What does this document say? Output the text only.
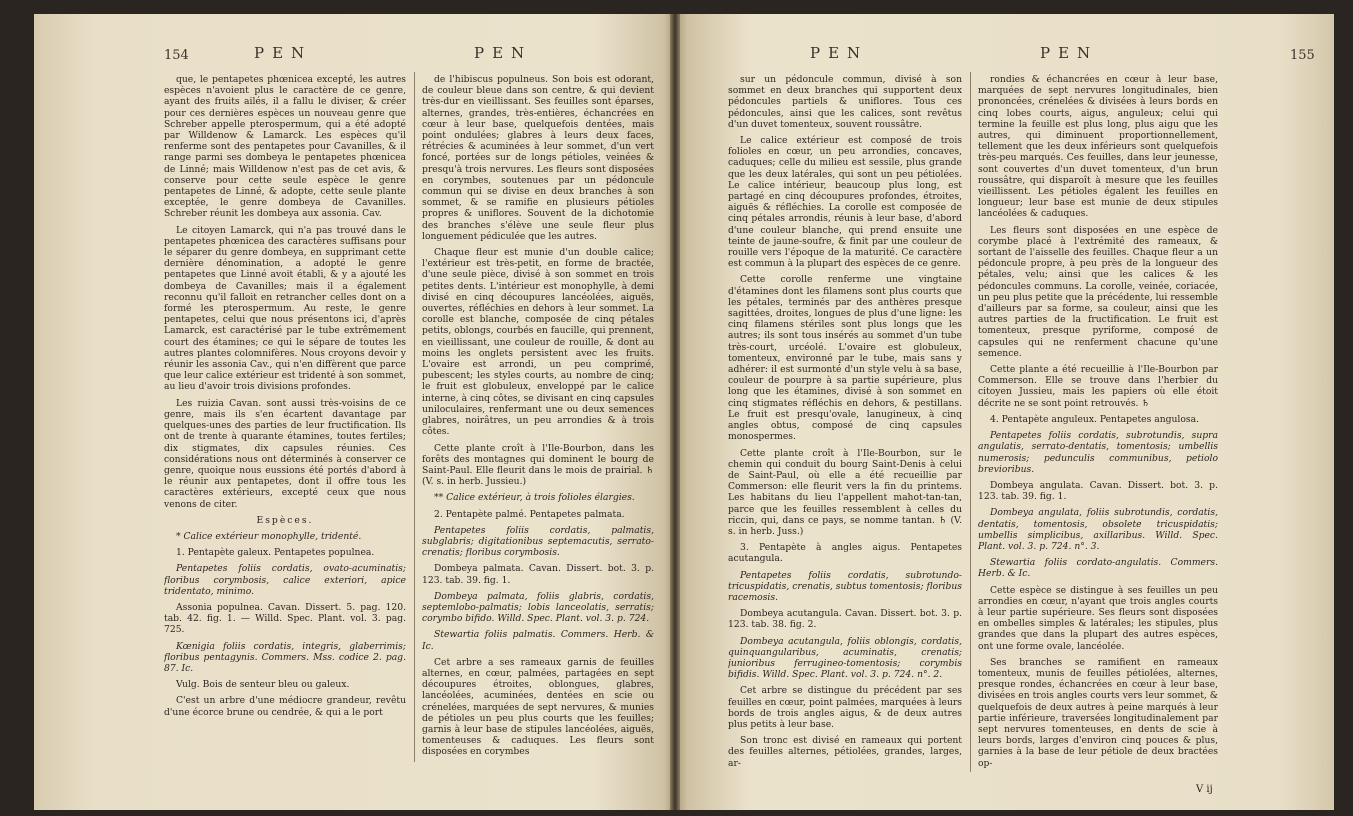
154	PEN	PEN

que, le pentapetes phœnicea excepté, les autres espèces n'avoient plus le caractère de ce genre, ayant des fruits ailés, il a fallu le diviser, & créer pour ces dernières espèces un nouveau genre que Schreber appelle pterospermum, qui a été adopté par Willdenow & Lamarck. Les espèces qu'il renferme sont des pentapetes pour Cavanilles, & il range parmi ses dombeya le pentapetes phœnicea de Linné; mais Willdenow n'est pas de cet avis, & conserve pour cette seule espèce le genre pentapetes de Linné, & adopte, cette seule plante exceptée, le genre dombeya de Cavanilles. Schreber réunit les dombeya aux assonia. Cav.

Le citoyen Lamarck, qui n'a pas trouvé dans le pentapetes phœnicea des caractères suffisans pour le séparer du genre dombeya, en supprimant cette dernière dénomination, a adopté le genre pentapetes que Linné avoit établi, & y a ajouté les dombeya de Cavanilles; mais il a également reconnu qu'il falloit en retrancher celles dont on a formé les pterospermum. Au reste, le genre pentapetes, celui que nous présentons ici, d'après Lamarck, est caractérisé par le tube extrêmement court des étamines; ce qui le sépare de toutes les autres plantes colomnifères. Nous croyons devoir y réunir les assonia Cav., qui n'en diffèrent que parce que leur calice extérieur est tridenté à son sommet, au lieu d'avoir trois divisions profondes.

Les ruizia Cavan. sont aussi très-voisins de ce genre, mais ils s'en écartent davantage par quelques-unes des parties de leur fructification. Ils ont de trente à quarante étamines, toutes fertiles; dix stigmates, dix capsules réunies. Ces considérations nous ont déterminés à conserver ce genre, quoique nous eussions été portés d'abord à le réunir aux pentapetes, dont il offre tous les caractères extérieurs, excepté ceux que nous venons de citer.

Espèces.

* Calice extérieur monophylle, tridenté.

1. Pentapète galeux. Pentapetes populnea.

Pentapetes foliis cordatis, ovato-acuminatis; floribus corymbosis, calice exteriori, apice tridentato, minimo.

Assonia populnea. Cavan. Dissert. 5. pag. 120. tab. 42. fig. 1. — Willd. Spec. Plant. vol. 3. pag. 725.

Kœnigia foliis cordatis, integris, glaberrimis; floribus pentagynis. Commers. Mss. codice 2. pag. 87. Ic.

Vulg. Bois de senteur bleu ou galeux.

C'est un arbre d'une médiocre grandeur, revêtu d'une écorce brune ou cendrée, & qui a le port

de l'hibiscus populneus. Son bois est odorant, de couleur bleue dans son centre, & qui devient très-dur en vieillissant. Ses feuilles sont éparses, alternes, grandes, très-entières, échancrées en cœur à leur base, quelquefois dentées, mais point ondulées; glabres à leurs deux faces, rétrécies & acuminées à leur sommet, d'un vert foncé, portées sur de longs pétioles, veinées & presqu'à trois nervures. Les fleurs sont disposées en corymbes, soutenues par un pédoncule commun qui se divise en deux branches à son sommet, & se ramifie en plusieurs pétioles propres & uniflores. Souvent de la dichotomie des branches s'élève une seule fleur plus longuement pédiculée que les autres.

Chaque fleur est munie d'un double calice; l'extérieur est très-petit, en forme de bractée, d'une seule pièce, divisé à son sommet en trois petites dents. L'intérieur est monophylle, à demi divisé en cinq découpures lancéolées, aiguës, ouvertes, réfléchies en dehors à leur sommet. La corolle est blanche, composée de cinq pétales petits, oblongs, courbés en faucille, qui prennent, en vieillissant, une couleur de rouille, & dont au moins les onglets persistent avec les fruits. L'ovaire est arrondi, un peu comprimé, pubescent; les styles courts, au nombre de cinq; le fruit est globuleux, enveloppé par le calice interne, à cinq côtes, se divisant en cinq capsules uniloculaires, renfermant une ou deux semences glabres, noirâtres, un peu arrondies & à trois côtes.

Cette plante croît à l'Ile-Bourbon, dans les forêts des montagnes qui dominent le bourg de Saint-Paul. Elle fleurit dans le mois de prairial. ♄ (V. s. in herb. Jussieu.)

** Calice extérieur, à trois folioles élargies.

2. Pentapète palmé. Pentapetes palmata.

Pentapetes foliis cordatis, palmatis, subglabris; digitationibus septemacutis, serrato-crenatis; floribus corymbosis.

Dombeya palmata. Cavan. Dissert. bot. 3. p. 123. tab. 39. fig. 1.

Dombeya palmata, foliis glabris, cordatis, septemlobo-palmatis; lobis lanceolatis, serratis; corymbo bifido. Willd. Spec. Plant. vol. 3. p. 724.

Stewartia foliis palmatis. Commers. Herb. & Ic.

Cet arbre a ses rameaux garnis de feuilles alternes, en cœur, palmées, partagées en sept découpures étroites, oblongues, glabres, lancéolées, acuminées, dentées en scie ou crénelées, marquées de sept nervures, & munies de pétioles un peu plus courts que les feuilles; garnis à leur base de stipules lancéolées, aiguës, tomenteuses & caduques. Les fleurs sont disposées en corymbes

PEN	PEN	155

sur un pédoncule commun, divisé à son sommet en deux branches qui supportent deux pédoncules partiels & uniflores. Tous ces pédoncules, ainsi que les calices, sont revêtus d'un duvet tomenteux, souvent roussâtre.

Le calice extérieur est composé de trois folioles en cœur, un peu arrondies, concaves, caduques; celle du milieu est sessile, plus grande que les deux latérales, qui sont un peu pétiolées. Le calice intérieur, beaucoup plus long, est partagé en cinq découpures profondes, étroites, aiguës & réfléchies. La corolle est composée de cinq pétales arrondis, réunis à leur base, d'abord d'une couleur blanche, qui prend ensuite une teinte de jaune-soufre, & finit par une couleur de rouille vers l'époque de la maturité. Ce caractère est commun à la plupart des espèces de ce genre.

Cette corolle renferme une vingtaine d'étamines dont les filamens sont plus courts que les pétales, terminés par des anthères presque sagittées, droites, longues de plus d'une ligne: les cinq filamens stériles sont plus longs que les autres; ils sont tous insérés au sommet d'un tube très-court, urcéolé. L'ovaire est globuleux, tomenteux, environné par le tube, mais sans y adhérer: il est surmonté d'un style velu à sa base, couleur de pourpre à sa partie supérieure, plus long que les étamines, divisé à son sommet en cinq stigmates réfléchis en dehors, & pestillans. Le fruit est presqu'ovale, lanugineux, à cinq angles obtus, composé de cinq capsules monospermes.

Cette plante croît à l'Ile-Bourbon, sur le chemin qui conduit du bourg Saint-Denis à celui de Saint-Paul, où elle a été recueillie par Commerson: elle fleurit vers la fin du printems. Les habitans du lieu l'appellent mahot-tan-tan, parce que les feuilles ressemblent à celles du riccin, qui, dans ce pays, se nomme tantan. ♄ (V. s. in herb. Juss.)

3. Pentapète à angles aigus. Pentapetes acutangula.

Pentapetes foliis cordatis, subrotundo-tricuspidatis, crenatis, subtus tomentosis; floribus racemosis.

Dombeya acutangula. Cavan. Dissert. bot. 3. p. 123. tab. 38. fig. 2.

Dombeya acutangula, foliis oblongis, cordatis, quinquangularibus, acuminatis, crenatis; junioribus ferrugineo-tomentosis; corymbis bifidis. Willd. Spec. Plant. vol. 3. p. 724. n°. 2.

Cet arbre se distingue du précédent par ses feuilles en cœur, point palmées, marquées à leurs bords de trois angles aigus, & de deux autres plus petits à leur base.

Son tronc est divisé en rameaux qui portent des feuilles alternes, pétiolées, grandes, larges, ar-

rondies & échancrées en cœur à leur base, marquées de sept nervures longitudinales, bien prononcées, crénelées & divisées à leurs bords en cinq lobes courts, aigus, anguleux; celui qui termine la feuille est plus long, plus aigu que les autres, qui diminuent proportionnellement, tellement que les deux inférieurs sont quelquefois très-peu marqués. Ces feuilles, dans leur jeunesse, sont couvertes d'un duvet tomenteux, d'un brun roussâtre, qui disparoît à mesure que les feuilles vieillissent. Les pétioles égalent les feuilles en longueur; leur base est munie de deux stipules lancéolées & caduques.

Les fleurs sont disposées en une espèce de corymbe placé à l'extrémité des rameaux, & sortant de l'aisselle des feuilles. Chaque fleur a un pédoncule propre, à peu près de la longueur des pétales, velu; ainsi que les calices & les pédoncules communs. La corolle, veinée, coriacée, un peu plus petite que la précédente, lui ressemble d'ailleurs par sa forme, sa couleur, ainsi que les autres parties de la fructification. Le fruit est tomenteux, presque pyriforme, composé de capsules qui ne renferment chacune qu'une semence.

Cette plante a été recueillie à l'Ile-Bourbon par Commerson. Elle se trouve dans l'herbier du citoyen Jussieu, mais les papiers où elle étoit décrite ne se sont point retrouvés. ♄

4. Pentapète anguleux. Pentapetes angulosa.

Pentapetes foliis cordatis, subrotundis, supra angulatis, serrato-dentatis, tomentosis; umbellis numerosis; pedunculis communibus, petiolo brevioribus.

Dombeya angulata. Cavan. Dissert. bot. 3. p. 123. tab. 39. fig. 1.

Dombeya angulata, foliis subrotundis, cordatis, dentatis, tomentosis, obsolete tricuspidatis; umbellis simplicibus, axillaribus. Willd. Spec. Plant. vol. 3. p. 724. n°. 3.

Stewartia foliis cordato-angulatis. Commers. Herb. & Ic.

Cette espèce se distingue à ses feuilles un peu arrondies en cœur, n'ayant que trois angles courts à leur partie supérieure. Ses fleurs sont disposées en ombelles simples & latérales; les stipules, plus grandes que dans la plupart des autres espèces, ont une forme ovale, lancéolée.

Ses branches se ramifient en rameaux tomenteux, munis de feuilles pétiolées, alternes, presque rondes, échancrées en cœur à leur base, divisées en trois angles courts vers leur sommet, & quelquefois de deux autres à peine marqués à leur partie inférieure, traversées longitudinalement par sept nervures tomenteuses, en dents de scie à leurs bords, larges d'environ cinq pouces & plus, garnies à la base de leur pétiole de deux bractées op-

V ij
